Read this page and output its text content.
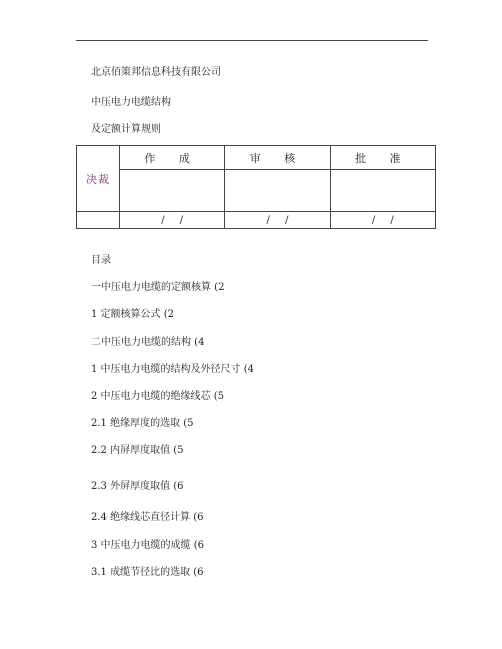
北京佰策邦信息科技有限公司
中压电力电缆结构
及定额计算规则
决裁	作 成	审 核	批 准

	/ /	/ /	/ /
目录
一中压电力电缆的定额核算 (2
1 定额核算公式 (2
二中压电力电缆的结构 (4
1 中压电力电缆的结构及外径尺寸 (4
2 中压电力电缆的绝缘线芯 (5
2.1 绝缘厚度的选取 (5
2.2 内屏厚度取值 (5
2.3 外屏厚度取值 (6
2.4 绝缘线芯直径计算 (6
3 中压电力电缆的成缆 (6
3.1 成缆节径比的选取 (6
